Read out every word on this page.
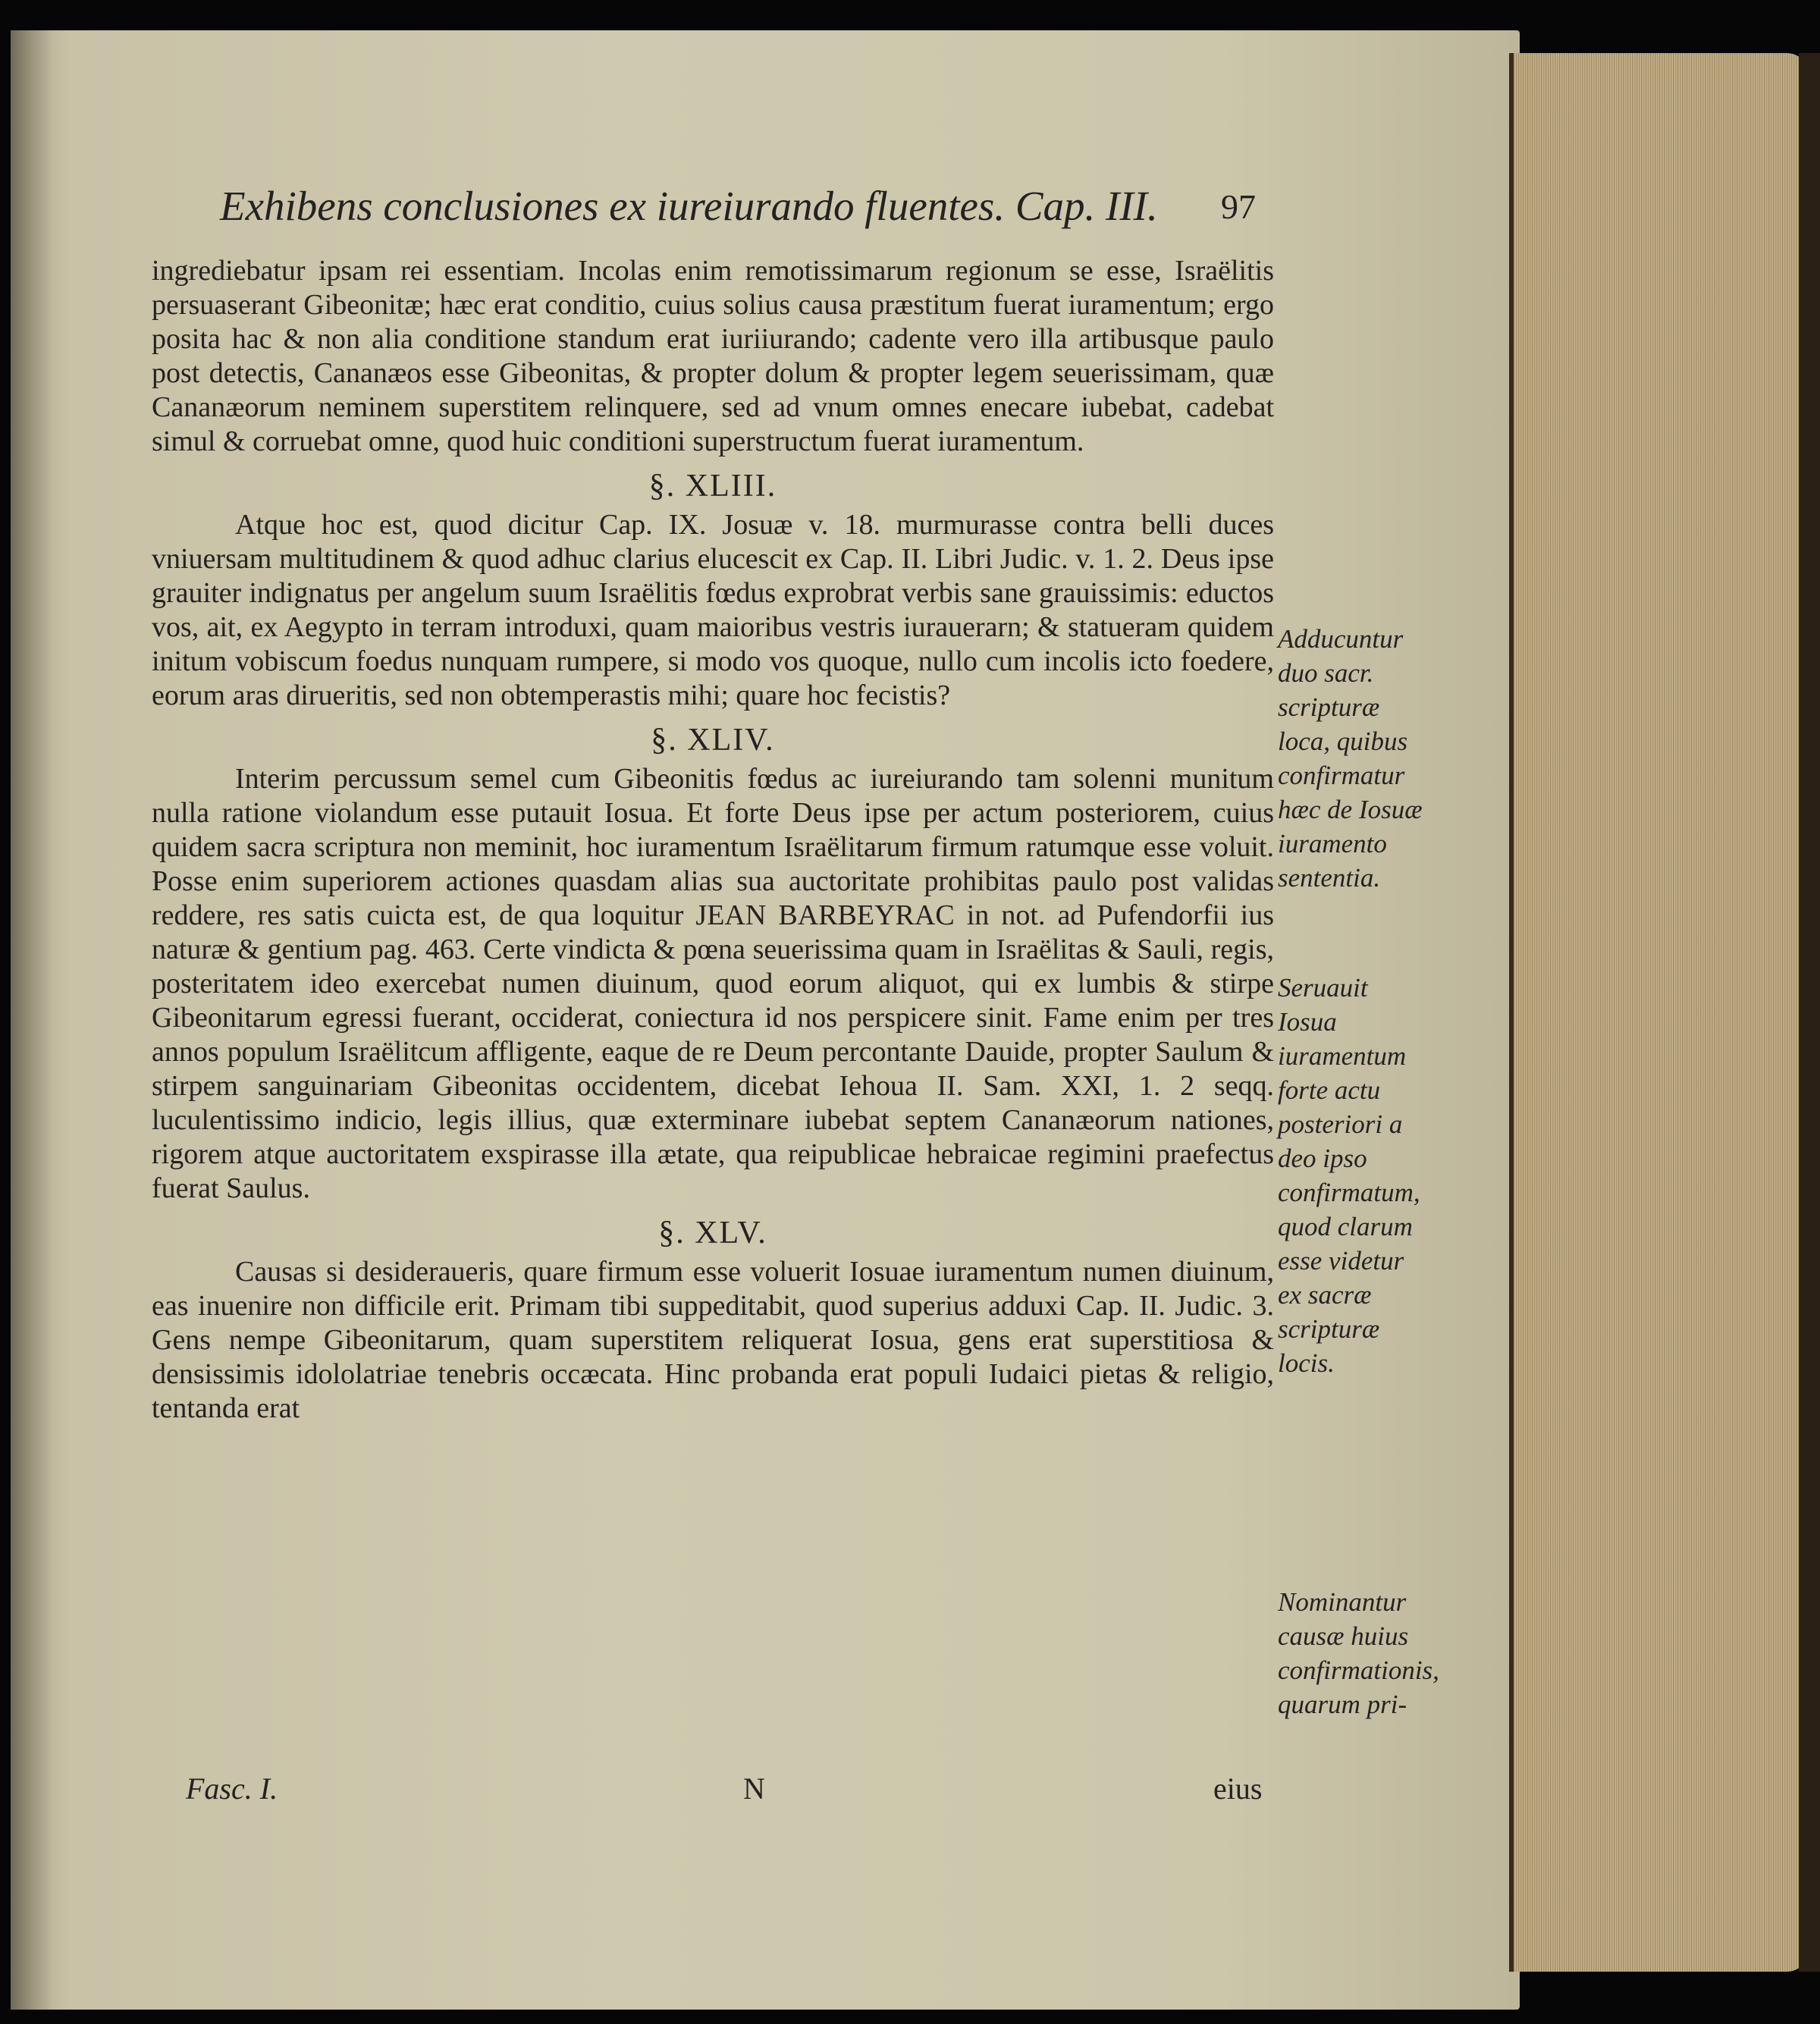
Exhibens conclusiones ex iureiurando fluentes. Cap. III. 97

ingrediebatur ipsam rei essentiam. Incolas enim remotissimarum regionum se esse, Israëlitis persuaserant Gibeonitæ; hæc erat conditio, cuius solius causa præstitum fuerat iuramentum; ergo posita hac & non alia conditione standum erat iuriiurando; cadente vero illa artibusque paulo post detectis, Cananæos esse Gibeonitas, & propter dolum & propter legem seuerissimam, quæ Cananæorum neminem superstitem relinquere, sed ad vnum omnes enecare iubebat, cadebat simul & corruebat omne, quod huic conditioni superstructum fuerat iuramentum.

§. XLIII.

Atque hoc est, quod dicitur Cap. IX. Josuæ v. 18. murmurasse contra belli duces vniuersam multitudinem & quod adhuc clarius elucescit ex Cap. II. Libri Judic. v. 1. 2. Deus ipse grauiter indignatus per angelum suum Israëlitis fœdus exprobrat verbis sane grauissimis: eductos vos, ait, ex Aegypto in terram introduxi, quam maioribus vestris iurauerarn; & statueram quidem initum vobiscum foedus nunquam rumpere, si modo vos quoque, nullo cum incolis icto foedere, eorum aras dirueritis, sed non obtemperastis mihi; quare hoc fecistis?

§. XLIV.

Interim percussum semel cum Gibeonitis fœdus ac iureiurando tam solenni munitum nulla ratione violandum esse putauit Iosua. Et forte Deus ipse per actum posteriorem, cuius quidem sacra scriptura non meminit, hoc iuramentum Israëlitarum firmum ratumque esse voluit. Posse enim superiorem actiones quasdam alias sua auctoritate prohibitas paulo post validas reddere, res satis cuicta est, de qua loquitur JEAN BARBEYRAC in not. ad Pufendorfii ius naturæ & gentium pag. 463. Certe vindicta & pœna seuerissima quam in Israëlitas & Sauli, regis, posteritatem ideo exercebat numen diuinum, quod eorum aliquot, qui ex lumbis & stirpe Gibeonitarum egressi fuerant, occiderat, coniectura id nos perspicere sinit. Fame enim per tres annos populum Israëlitcum affligente, eaque de re Deum percontante Dauide, propter Saulum & stirpem sanguinariam Gibeonitas occidentem, dicebat Iehoua II. Sam. XXI, 1. 2 seqq. luculentissimo indicio, legis illius, quæ exterminare iubebat septem Cananæorum nationes, rigorem atque auctoritatem exspirasse illa ætate, qua reipublicae hebraicae regimini praefectus fuerat Saulus.

§. XLV.

Causas si desideraueris, quare firmum esse voluerit Iosuae iuramentum numen diuinum, eas inuenire non difficile erit. Primam tibi suppeditabit, quod superius adduxi Cap. II. Judic. 3. Gens nempe Gibeonitarum, quam superstitem reliquerat Iosua, gens erat superstitiosa & densissimis idololatriae tenebris occæcata. Hinc probanda erat populi Iudaici pietas & religio, tentanda erat

Adducuntur duo sacr. scripturæ loca, quibus confirmatur hæc de Iosuæ iuramento sententia.
Seruauit Iosua iuramentum forte actu posteriori a deo ipso confirmatum, quod clarum esse videtur ex sacræ scripturæ locis.
Nominantur causæ huius confirmationis, quarum pri-
Fasc. I.	N	eius
